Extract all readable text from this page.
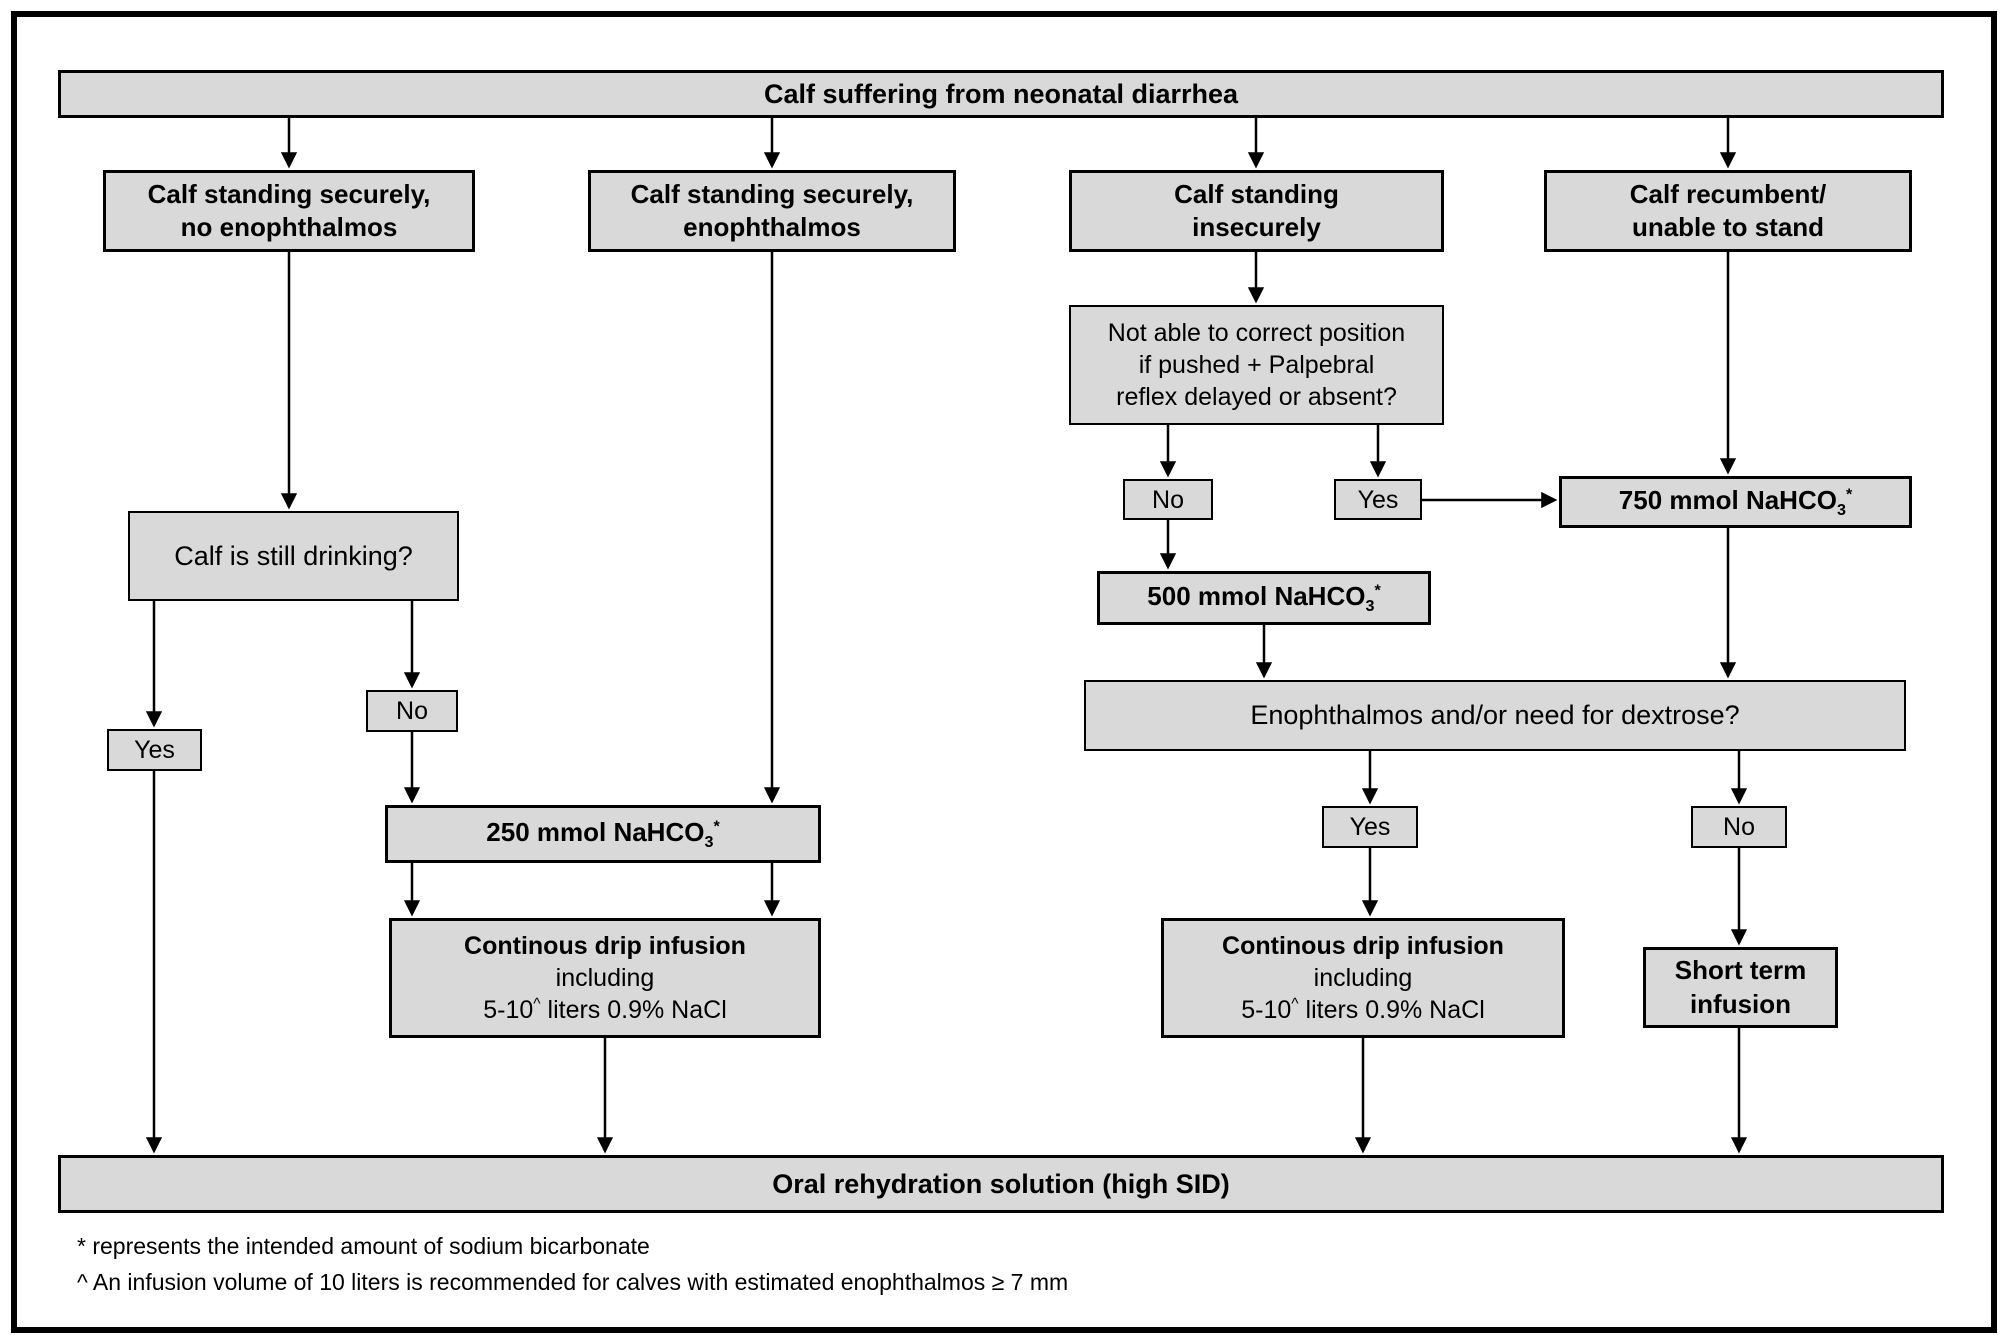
Calf suffering from neonatal diarrhea
Calf standing securely,
no enophthalmos
Calf standing securely,
enophthalmos
Calf standing
insecurely
Calf recumbent/
unable to stand
Calf is still drinking?
Yes
No
Not able to correct position
if pushed + Palpebral
reflex delayed or absent?
No	Yes	750 mmol NaHCO$_3$*
500 mmol NaHCO$_3$*
Enophthalmos and/or need for dextrose?
Yes	No
250 mmol NaHCO$_3$*
Continous drip infusion
including
5-10^ liters 0.9% NaCl
Continous drip infusion
including
5-10^ liters 0.9% NaCl
Short term
infusion
Oral rehydration solution (high SID)
* represents the intended amount of sodium bicarbonate
^ An infusion volume of 10 liters is recommended for calves with estimated enophthalmos ≥ 7 mm
